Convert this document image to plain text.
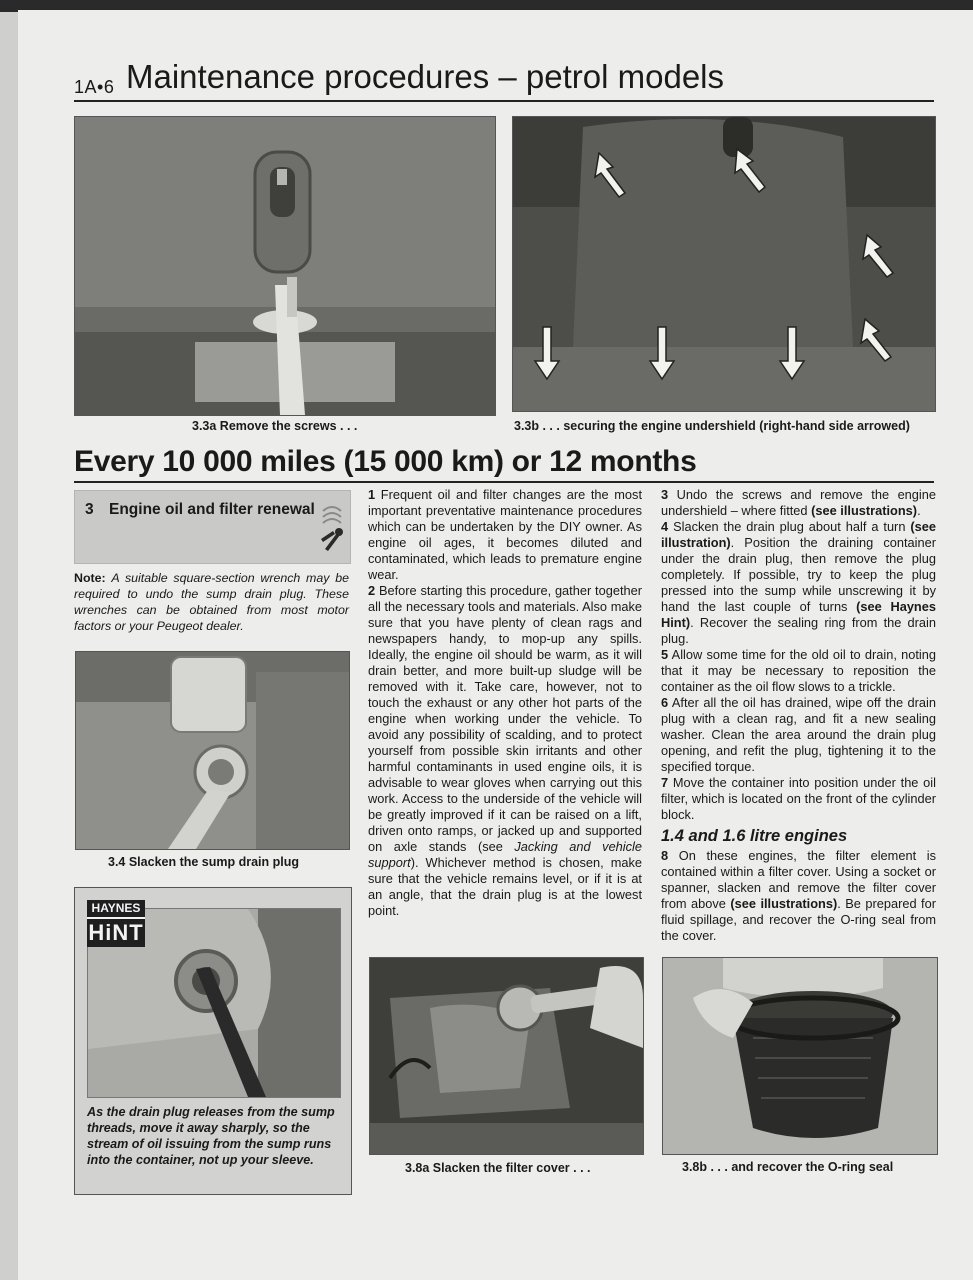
1A•6 Maintenance procedures – petrol models
3.3a Remove the screws . . .	3.3b . . . securing the engine undershield (right-hand side arrowed)
Every 10 000 miles (15 000 km) or 12 months
3 Engine oil and filter renewal
Note: A suitable square-section wrench may be required to undo the sump drain plug. These wrenches can be obtained from most motor factors or your Peugeot dealer.
3.4 Slacken the sump drain plug
HAYNES
HiNT
As the drain plug releases from the sump threads, move it away sharply, so the stream of oil issuing from the sump runs into the container, not up your sleeve.

1 Frequent oil and filter changes are the most important preventative maintenance procedures which can be undertaken by the DIY owner. As engine oil ages, it becomes diluted and contaminated, which leads to premature engine wear.

2 Before starting this procedure, gather together all the necessary tools and materials. Also make sure that you have plenty of clean rags and newspapers handy, to mop-up any spills. Ideally, the engine oil should be warm, as it will drain better, and more built-up sludge will be removed with it. Take care, however, not to touch the exhaust or any other hot parts of the engine when working under the vehicle. To avoid any possibility of scalding, and to protect yourself from possible skin irritants and other harmful contaminants in used engine oils, it is advisable to wear gloves when carrying out this work. Access to the underside of the vehicle will be greatly improved if it can be raised on a lift, driven onto ramps, or jacked up and supported on axle stands (see Jacking and vehicle support). Whichever method is chosen, make sure that the vehicle remains level, or if it is at an angle, that the drain plug is at the lowest point.

3 Undo the screws and remove the engine undershield – where fitted (see illustrations).

4 Slacken the drain plug about half a turn (see illustration). Position the draining container under the drain plug, then remove the plug completely. If possible, try to keep the plug pressed into the sump while unscrewing it by hand the last couple of turns (see Haynes Hint). Recover the sealing ring from the drain plug.

5 Allow some time for the old oil to drain, noting that it may be necessary to reposition the container as the oil flow slows to a trickle.

6 After all the oil has drained, wipe off the drain plug with a clean rag, and fit a new sealing washer. Clean the area around the drain plug opening, and refit the plug, tightening it to the specified torque.

7 Move the container into position under the oil filter, which is located on the front of the cylinder block.

1.4 and 1.6 litre engines

8 On these engines, the filter element is contained within a filter cover. Using a socket or spanner, slacken and remove the filter cover from above (see illustrations). Be prepared for fluid spillage, and recover the O-ring seal from the cover.

3.8a Slacken the filter cover . . .	3.8b . . . and recover the O-ring seal
